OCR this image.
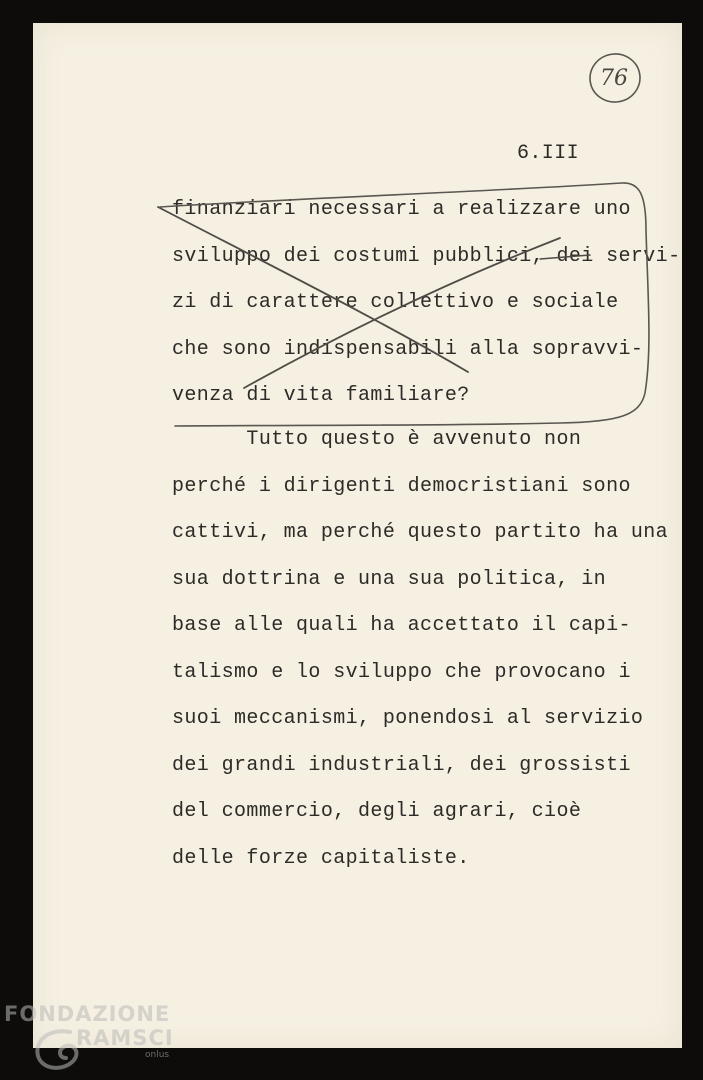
76
6.III
finanziari necessari a realizzare uno
sviluppo dei costumi pubblici, dei servi-
zi di carattere collettivo e sociale
che sono indispensabili alla sopravvi-
venza di vita familiare?
Tutto questo è avvenuto non
perché i dirigenti democristiani sono
cattivi, ma perché questo partito ha una
sua dottrina e una sua politica, in
base alle quali ha accettato il capi-
talismo e lo sviluppo che provocano i
suoi meccanismi, ponendosi al servizio
dei grandi industriali, dei grossisti
del commercio, degli agrari, cioè
delle forze capitaliste.
FONDAZIONE
RAMSCI
onlus
